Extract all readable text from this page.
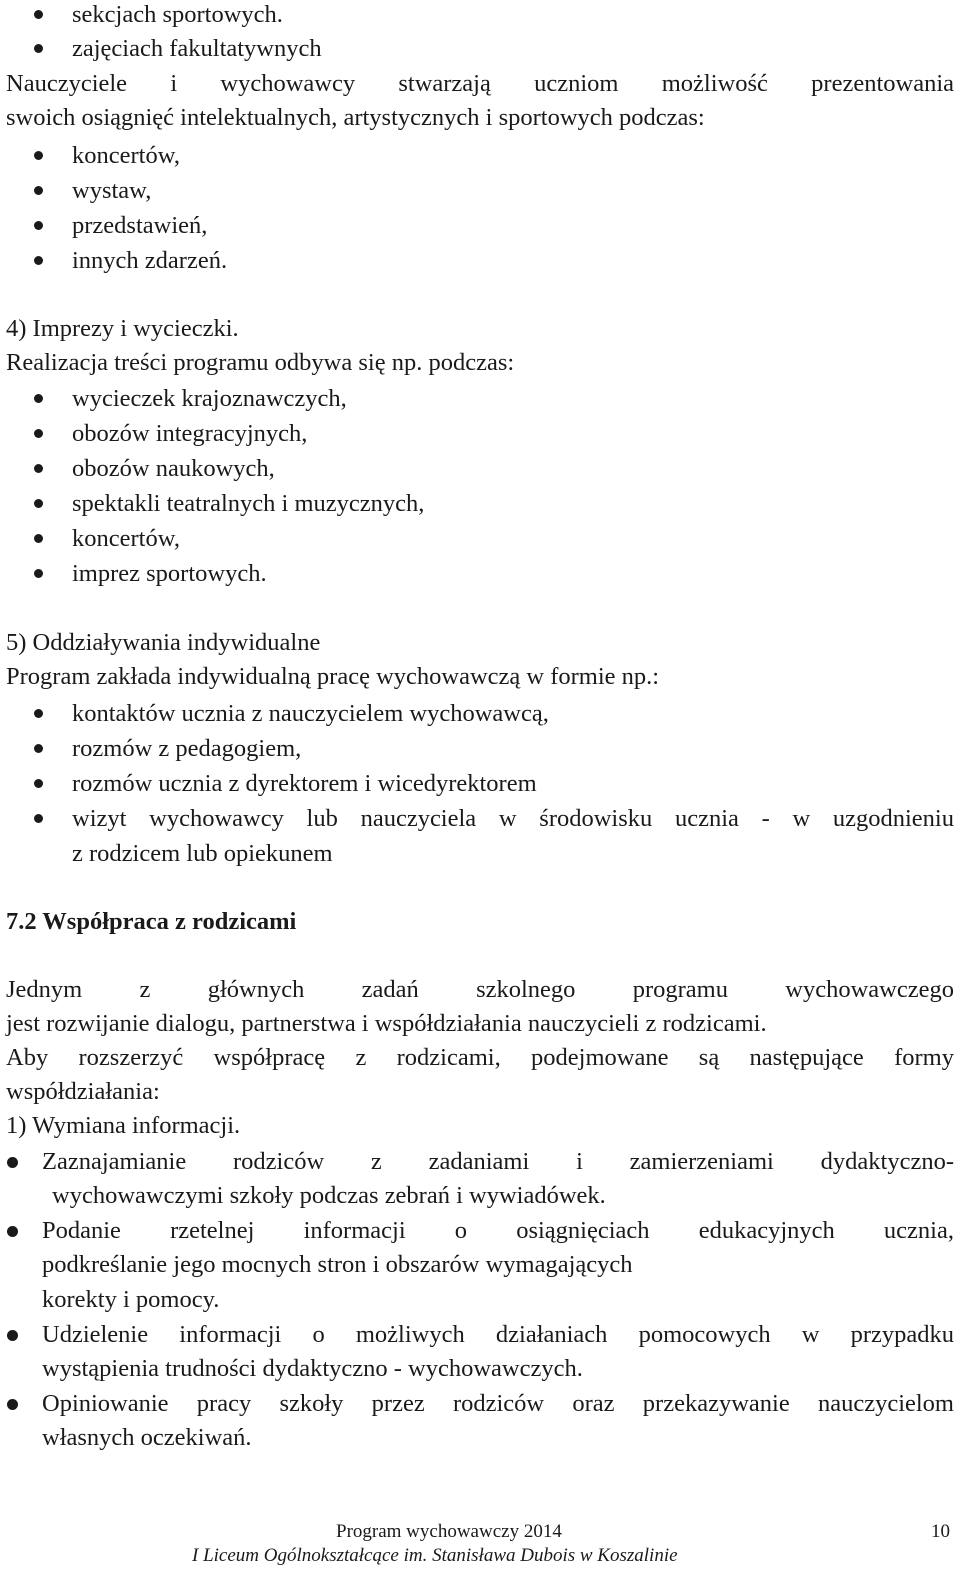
sekcjach sportowych.
zajęciach fakultatywnych
Nauczyciele i wychowawcy stwarzają uczniom możliwość prezentowania
swoich osiągnięć intelektualnych, artystycznych i sportowych podczas:
koncertów,
wystaw,
przedstawień,
innych zdarzeń.
4) Imprezy i wycieczki.
Realizacja treści programu odbywa się np. podczas:
wycieczek krajoznawczych,
obozów integracyjnych,
obozów naukowych,
spektakli teatralnych i muzycznych,
koncertów,
imprez sportowych.
5) Oddziaływania indywidualne
Program zakłada indywidualną pracę wychowawczą w formie np.:
kontaktów ucznia z nauczycielem wychowawcą,
rozmów z pedagogiem,
rozmów ucznia z dyrektorem i wicedyrektorem
wizyt wychowawcy lub nauczyciela w środowisku ucznia - w uzgodnieniu
z rodzicem lub opiekunem
7.2 Współpraca z rodzicami
Jednym z głównych zadań szkolnego programu wychowawczego
jest rozwijanie dialogu, partnerstwa i współdziałania nauczycieli z rodzicami.
Aby rozszerzyć współpracę z rodzicami, podejmowane są następujące formy
współdziałania:
1) Wymiana informacji.
Zaznajamianie rodziców z zadaniami i zamierzeniami dydaktyczno-
wychowawczymi szkoły podczas zebrań i wywiadówek.
Podanie rzetelnej informacji o osiągnięciach edukacyjnych ucznia,
podkreślanie jego mocnych stron i obszarów wymagających
korekty i pomocy.
Udzielenie informacji o możliwych działaniach pomocowych w przypadku
wystąpienia trudności dydaktyczno - wychowawczych.
Opiniowanie pracy szkoły przez rodziców oraz przekazywanie nauczycielom
własnych oczekiwań.
Program wychowawczy 2014	10
I Liceum Ogólnokształcące im. Stanisława Dubois w Koszalinie
